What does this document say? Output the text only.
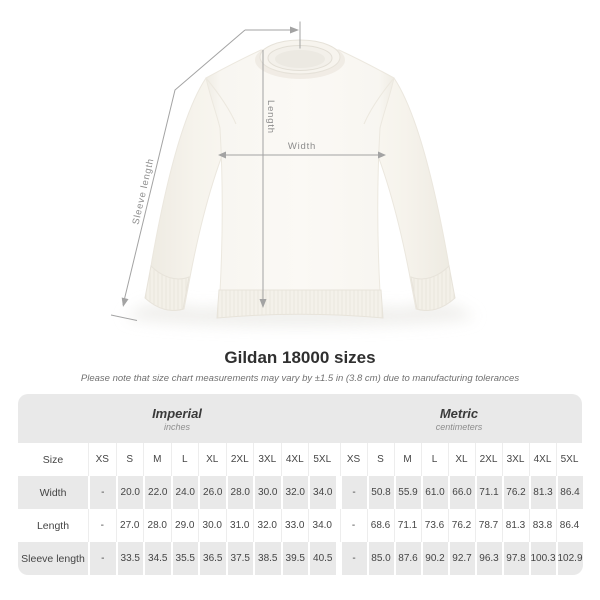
Width
Length
Sleeve length
Gildan 18000 sizes
Please note that size chart measurements may vary by ±1.5 in (3.8 cm) due to manufacturing tolerances
Imperial
inches
Metric
centimeters
Size	XS	S	M	L	XL	2XL	3XL	4XL	5XL		XS	S	M	L	XL	2XL	3XL	4XL	5XL
Width	-	20.0	22.0	24.0	26.0	28.0	30.0	32.0	34.0		-	50.8	55.9	61.0	66.0	71.1	76.2	81.3	86.4
Length	-	27.0	28.0	29.0	30.0	31.0	32.0	33.0	34.0		-	68.6	71.1	73.6	76.2	78.7	81.3	83.8	86.4
Sleeve length	-	33.5	34.5	35.5	36.5	37.5	38.5	39.5	40.5		-	85.0	87.6	90.2	92.7	96.3	97.8	100.3	102.9
